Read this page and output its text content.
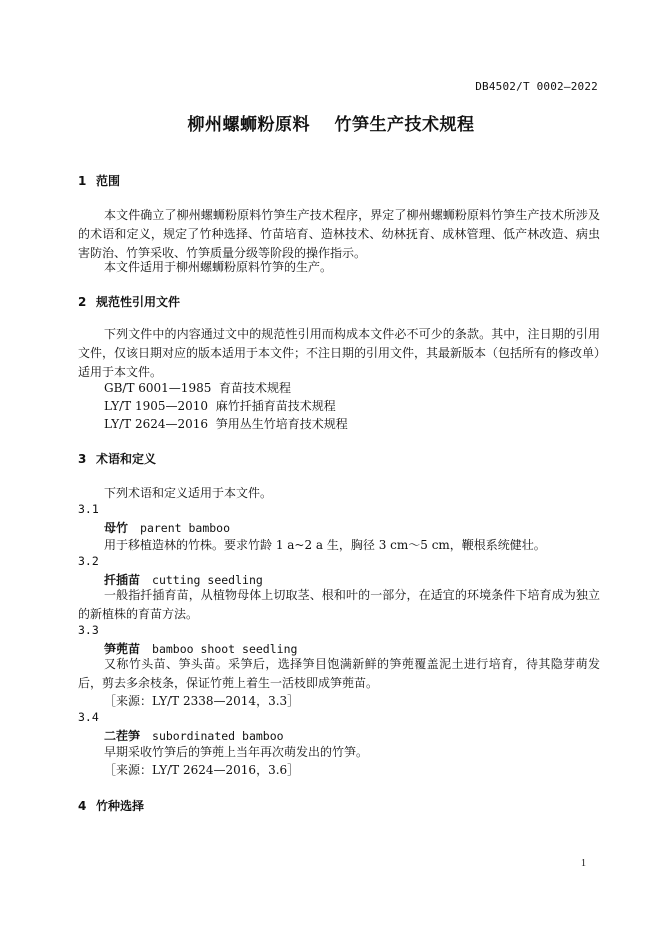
DB4502/T 0002—2022
柳州螺蛳粉原料 竹笋生产技术规程
1 范围
本文件确立了柳州螺蛳粉原料竹笋生产技术程序，界定了柳州螺蛳粉原料竹笋生产技术所涉及的术语和定义，规定了竹种选择、竹苗培育、造林技术、幼林抚育、成林管理、低产林改造、病虫害防治、竹笋采收、竹笋质量分级等阶段的操作指示。
本文件适用于柳州螺蛳粉原料竹笋的生产。
2 规范性引用文件
下列文件中的内容通过文中的规范性引用而构成本文件必不可少的条款。其中，注日期的引用文件，仅该日期对应的版本适用于本文件；不注日期的引用文件，其最新版本（包括所有的修改单）适用于本文件。
GB/T 6001—1985  育苗技术规程
LY/T 1905—2010  麻竹扦插育苗技术规程
LY/T 2624—2016  笋用丛生竹培育技术规程
3 术语和定义
下列术语和定义适用于本文件。
3.1
母竹 parent bamboo
用于移植造林的竹株。要求竹龄 1 a~2 a 生，胸径 3 cm～5 cm，鞭根系统健壮。
3.2
扦插苗 cutting seedling
一般指扦插育苗，从植物母体上切取茎、根和叶的一部分，在适宜的环境条件下培育成为独立的新植株的育苗方法。
3.3
笋蔸苗 bamboo shoot seedling
又称竹头苗、笋头苗。采笋后，选择笋目饱满新鲜的笋蔸覆盖泥土进行培育，待其隐芽萌发后，剪去多余枝条，保证竹蔸上着生一活枝即成笋蔸苗。
［来源：LY/T 2338—2014，3.3］
3.4
二茬笋 subordinated bamboo
早期采收竹笋后的笋蔸上当年再次萌发出的竹笋。
［来源：LY/T 2624—2016，3.6］
4 竹种选择
1
